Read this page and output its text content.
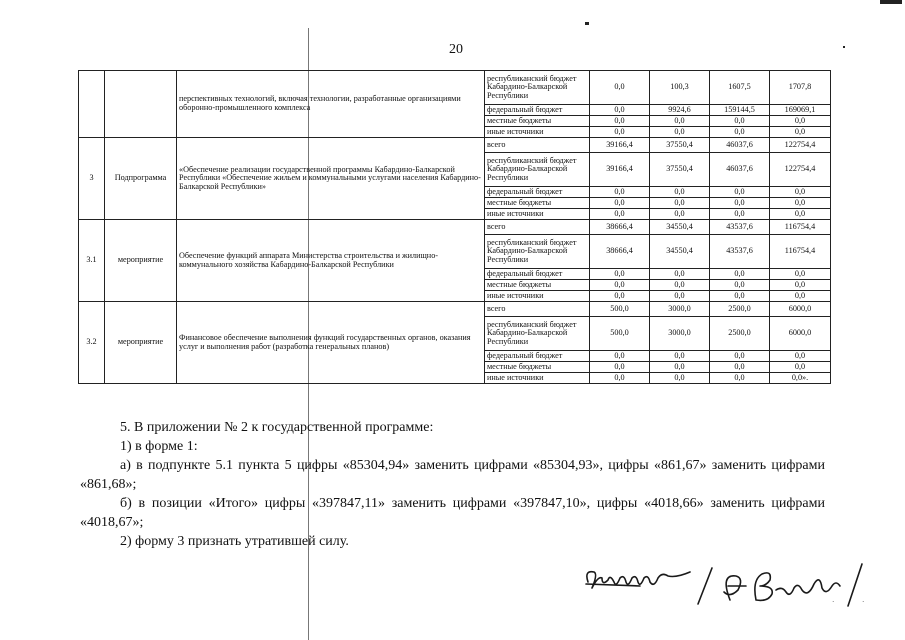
20
		перспективных технологий, включая технологии, разработанные организациями оборонно-промышленного комплекса	республиканский бюджет Кабардино-Балкарской Республики	0,0	100,3	1607,5	1707,8
			федеральный бюджет	0,0	9924,6	159144,5	169069,1
			местные бюджеты	0,0	0,0	0,0	0,0
			иные источники	0,0	0,0	0,0	0,0
3	Подпрограмма	«Обеспечение реализации государственной программы Кабардино-Балкарской Республики «Обеспечение жильем и коммунальными услугами населения Кабардино-Балкарской Республики»	всего	39166,4	37550,4	46037,6	122754,4
			республиканский бюджет Кабардино-Балкарской Республики	39166,4	37550,4	46037,6	122754,4
			федеральный бюджет	0,0	0,0	0,0	0,0
			местные бюджеты	0,0	0,0	0,0	0,0
			иные источники	0,0	0,0	0,0	0,0
3.1	мероприятие	Обеспечение функций аппарата Министерства строительства и жилищно-коммунального хозяйства Кабардино-Балкарской Республики	всего	38666,4	34550,4	43537,6	116754,4
			республиканский бюджет Кабардино-Балкарской Республики	38666,4	34550,4	43537,6	116754,4
			федеральный бюджет	0,0	0,0	0,0	0,0
			местные бюджеты	0,0	0,0	0,0	0,0
			иные источники	0,0	0,0	0,0	0,0
3.2	мероприятие	Финансовое обеспечение выполнения функций государственных органов, оказания услуг и выполнения работ (разработка генеральных планов)	всего	500,0	3000,0	2500,0	6000,0
			республиканский бюджет Кабардино-Балкарской Республики	500,0	3000,0	2500,0	6000,0
			федеральный бюджет	0,0	0,0	0,0	0,0
			местные бюджеты	0,0	0,0	0,0	0,0
			иные источники	0,0	0,0	0,0	0,0».

5. В приложении № 2 к государственной программе:

1) в форме 1:

а) в подпункте 5.1 пункта 5 цифры «85304,94» заменить цифрами «85304,93», цифры «861,67» заменить цифрами «861,68»;

б) в позиции «Итого» цифры «397847,11» заменить цифрами «397847,10», цифры «4018,66» заменить цифрами «4018,67»;

2) форму 3 признать утратившей силу.

·	·
